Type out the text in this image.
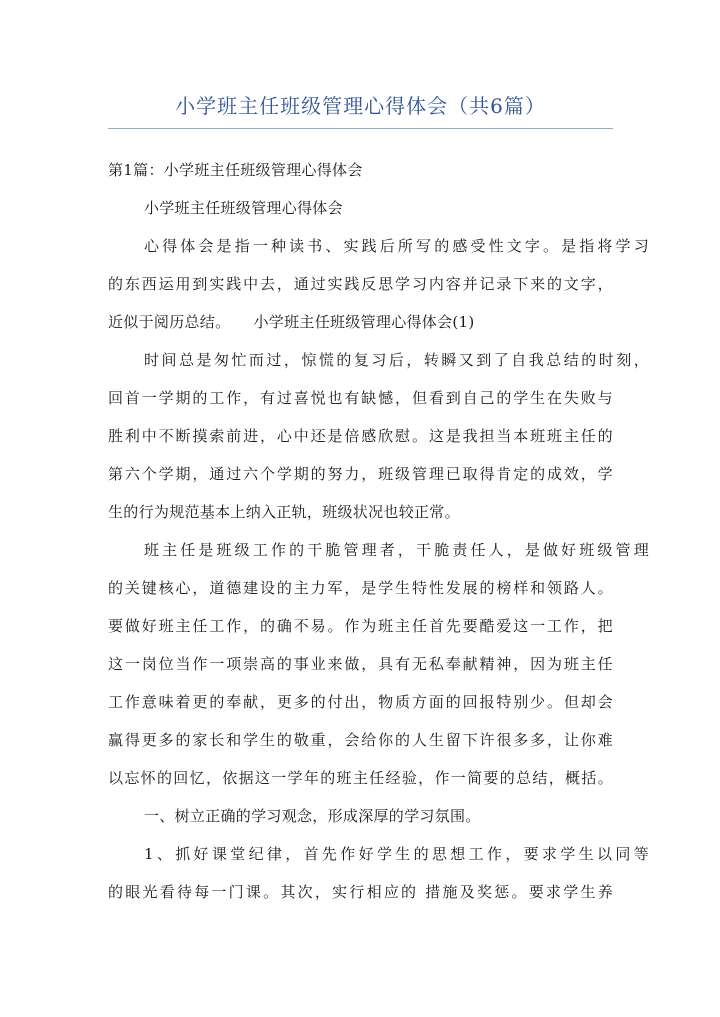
小学班主任班级管理心得体会（共6篇）
第1篇：小学班主任班级管理心得体会
小学班主任班级管理心得体会
心得体会是指一种读书、实践后所写的感受性文字。是指将学习
的东西运用到实践中去，通过实践反思学习内容并记录下来的文字，
近似于阅历总结。　　小学班主任班级管理心得体会(1)
时间总是匆忙而过，惊慌的复习后，转瞬又到了自我总结的时刻，
回首一学期的工作，有过喜悦也有缺憾，但看到自己的学生在失败与
胜利中不断摸索前进，心中还是倍感欣慰。这是我担当本班班主任的
第六个学期，通过六个学期的努力，班级管理已取得肯定的成效，学
生的行为规范基本上纳入正轨，班级状况也较正常。
班主任是班级工作的干脆管理者，干脆责任人，是做好班级管理
的关键核心，道德建设的主力军，是学生特性发展的榜样和领路人。
要做好班主任工作，的确不易。作为班主任首先要酷爱这一工作，把
这一岗位当作一项崇高的事业来做，具有无私奉献精神，因为班主任
工作意味着更的奉献，更多的付出，物质方面的回报特别少。但却会
赢得更多的家长和学生的敬重，会给你的人生留下许很多多，让你难
以忘怀的回忆，依据这一学年的班主任经验，作一简要的总结，概括。
一、树立正确的学习观念，形成深厚的学习氛围。
1、抓好课堂纪律，首先作好学生的思想工作，要求学生以同等
的眼光看待每一门课。其次，实行相应的 措施及奖惩。要求学生养
